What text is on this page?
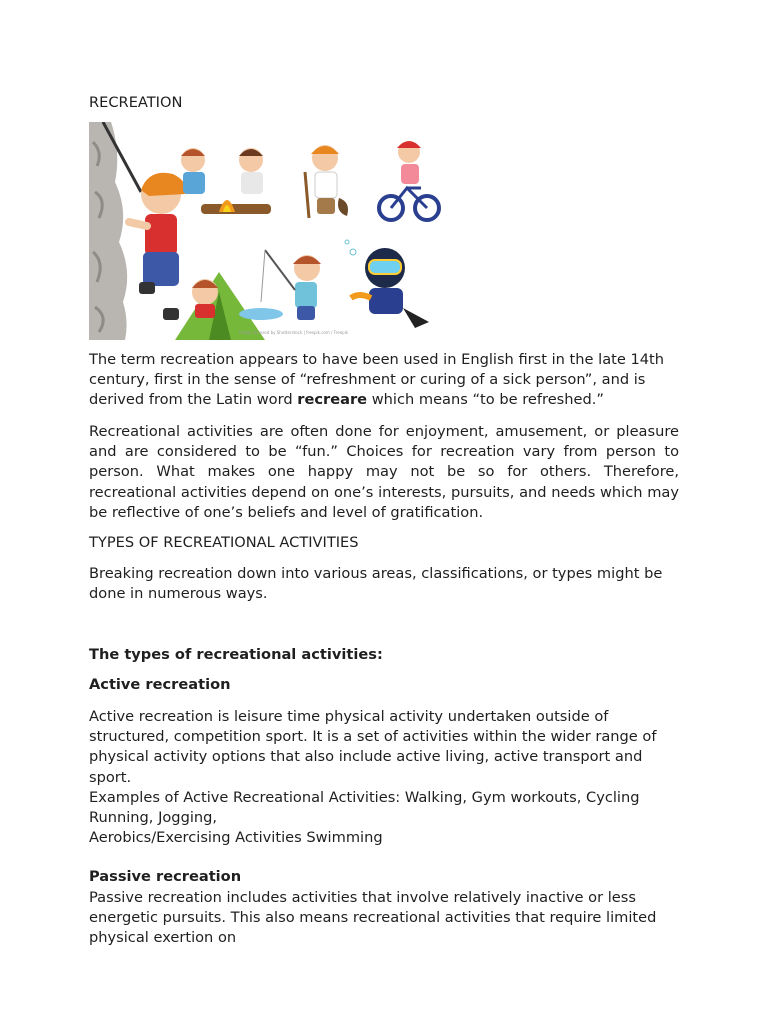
RECREATION
Image licensed by Shutterstock | freepik.com / Freepik
The term recreation appears to have been used in English first in the late 14th century, first in the sense of “refreshment or curing of a sick person”, and is derived from the Latin word recreare which means “to be refreshed.”
Recreational activities are often done for enjoyment, amusement, or pleasure and are considered to be “fun.” Choices for recreation vary from person to person. What makes one happy may not be so for others. Therefore, recreational activities depend on one’s interests, pursuits, and needs which may be reflective of one’s beliefs and level of gratification.
TYPES OF RECREATIONAL ACTIVITIES
Breaking recreation down into various areas, classifications, or types might be done in numerous ways.
The types of recreational activities:
Active recreation
Active recreation is leisure time physical activity undertaken outside of structured, competition sport. It is a set of activities within the wider range of physical activity options that also include active living, active transport and sport.
Examples of Active Recreational Activities: Walking, Gym workouts, Cycling Running, Jogging,
Aerobics/Exercising Activities Swimming
Passive recreation
Passive recreation includes activities that involve relatively inactive or less energetic pursuits. This also means recreational activities that require limited physical exertion on
